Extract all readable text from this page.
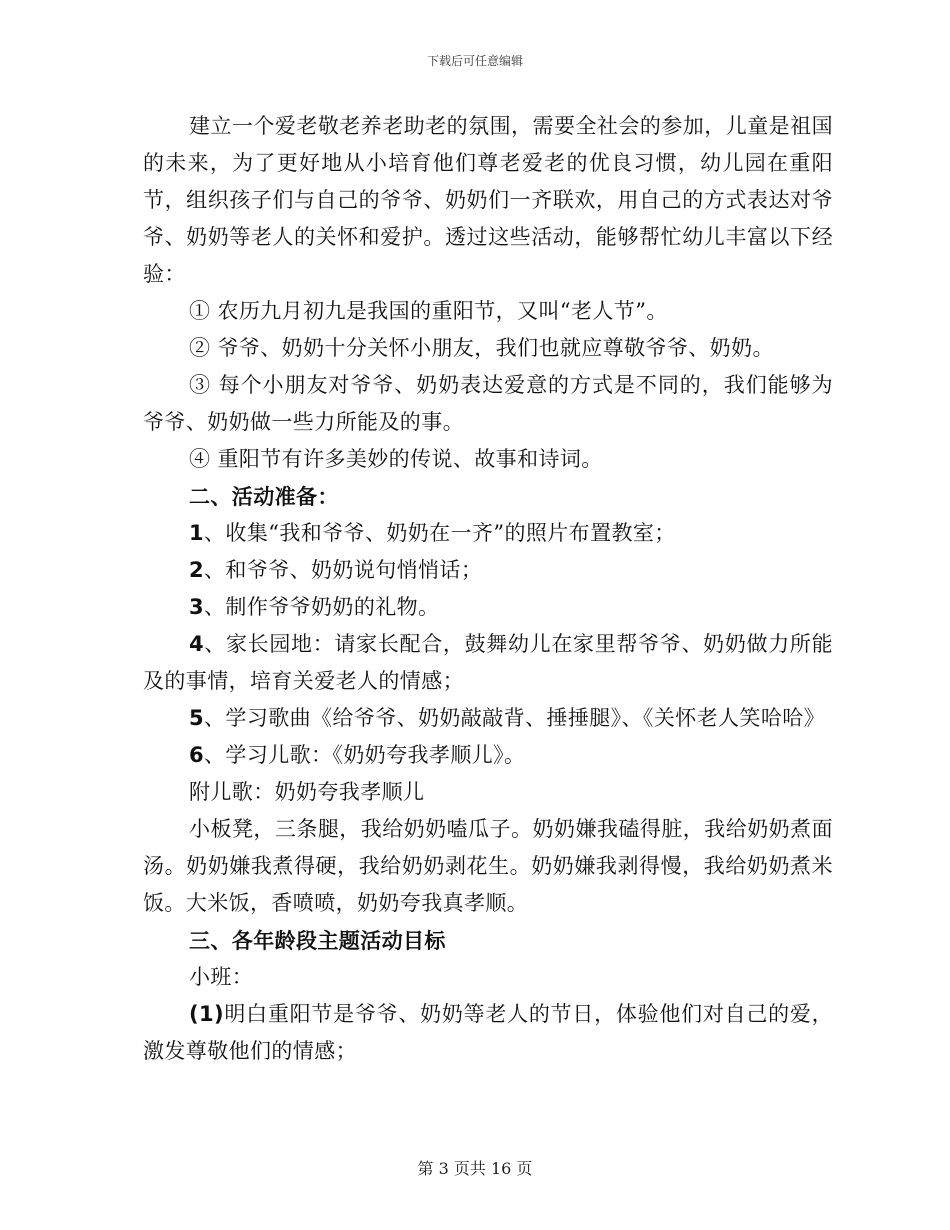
下载后可任意编辑

建立一个爱老敬老养老助老的氛围，需要全社会的参加，儿童是祖国的未来，为了更好地从小培育他们尊老爱老的优良习惯，幼儿园在重阳节，组织孩子们与自己的爷爷、奶奶们一齐联欢，用自己的方式表达对爷爷、奶奶等老人的关怀和爱护。透过这些活动，能够帮忙幼儿丰富以下经验：

① 农历九月初九是我国的重阳节，又叫“老人节”。

② 爷爷、奶奶十分关怀小朋友，我们也就应尊敬爷爷、奶奶。

③ 每个小朋友对爷爷、奶奶表达爱意的方式是不同的，我们能够为爷爷、奶奶做一些力所能及的事。

④ 重阳节有许多美妙的传说、故事和诗词。

二、活动准备：

1、收集“我和爷爷、奶奶在一齐”的照片布置教室；

2、和爷爷、奶奶说句悄悄话；

3、制作爷爷奶奶的礼物。

4、家长园地：请家长配合，鼓舞幼儿在家里帮爷爷、奶奶做力所能及的事情，培育关爱老人的情感；

5、学习歌曲《给爷爷、奶奶敲敲背、捶捶腿》、《关怀老人笑哈哈》

6、学习儿歌：《奶奶夸我孝顺儿》。

附儿歌：奶奶夸我孝顺儿

小板凳，三条腿，我给奶奶嗑瓜子。奶奶嫌我磕得脏，我给奶奶煮面汤。奶奶嫌我煮得硬，我给奶奶剥花生。奶奶嫌我剥得慢，我给奶奶煮米饭。大米饭，香喷喷，奶奶夸我真孝顺。

三、各年龄段主题活动目标

小班：

(1)明白重阳节是爷爷、奶奶等老人的节日，体验他们对自己的爱，激发尊敬他们的情感；

第 3 页共 16 页
